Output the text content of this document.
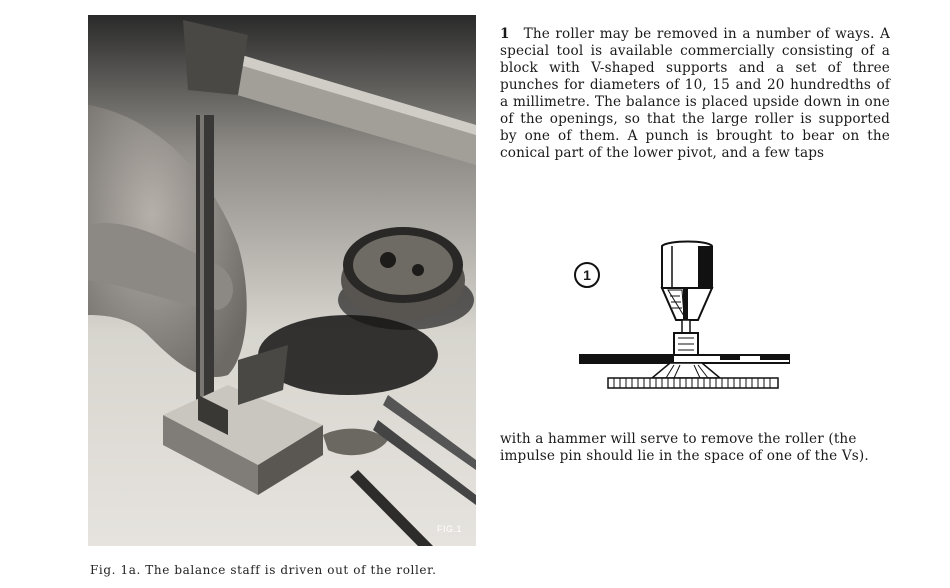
FIG.1
Fig. 1a. The balance staff is driven out of the roller.
1 The roller may be removed in a number of ways. A special tool is available commercially consisting of a block with V-shaped supports and a set of three punches for diameters of 10, 15 and 20 hundredths of a millimetre. The balance is placed upside down in one of the openings, so that the large roller is supported by one of them. A punch is brought to bear on the conical part of the lower pivot, and a few taps
1
with a hammer will serve to remove the roller (the impulse pin should lie in the space of one of the Vs).
